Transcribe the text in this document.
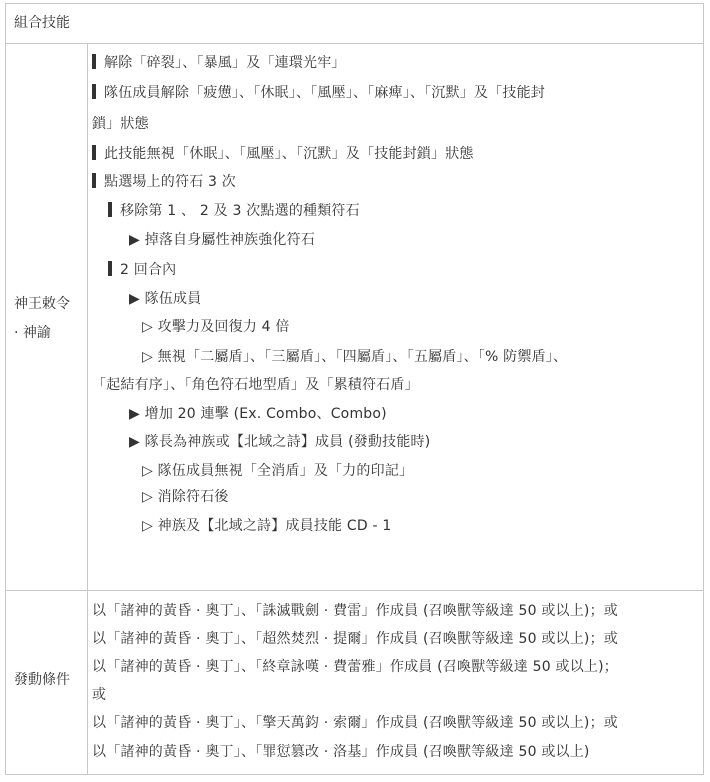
組合技能
神王敕令
· 神諭
發動條件
解除「碎裂」、「暴風」及「連環光牢」
隊伍成員解除「疲憊」、「休眠」、「風壓」、「麻痺」、「沉默」及「技能封
鎖」狀態
此技能無視「休眠」、「風壓」、「沉默」及「技能封鎖」狀態
點選場上的符石 3 次
移除第 1 、 2 及 3 次點選的種類符石
▶ 掉落自身屬性神族強化符石
2 回合內
▶ 隊伍成員
▷ 攻擊力及回復力 4 倍
▷ 無視「二屬盾」、「三屬盾」、「四屬盾」、「五屬盾」、「% 防禦盾」、
「起結有序」、「角色符石地型盾」及「累積符石盾」
▶ 增加 20 連擊 (Ex. Combo、Combo)
▶ 隊長為神族或【北域之詩】成員 (發動技能時)
▷ 隊伍成員無視「全消盾」及「力的印記」
▷ 消除符石後
▷ 神族及【北域之詩】成員技能 CD - 1
以「諸神的黃昏 · 奧丁」、「誅滅戰劍 · 費雷」作成員 (召喚獸等級達 50 或以上)；或
以「諸神的黃昏 · 奧丁」、「超然焚烈 · 提爾」作成員 (召喚獸等級達 50 或以上)；或
以「諸神的黃昏 · 奧丁」、「終章詠嘆 · 費蕾雅」作成員 (召喚獸等級達 50 或以上)；
或
以「諸神的黃昏 · 奧丁」、「擎天萬鈞 · 索爾」作成員 (召喚獸等級達 50 或以上)；或
以「諸神的黃昏 · 奧丁」、「罪愆篡改 · 洛基」作成員 (召喚獸等級達 50 或以上)
